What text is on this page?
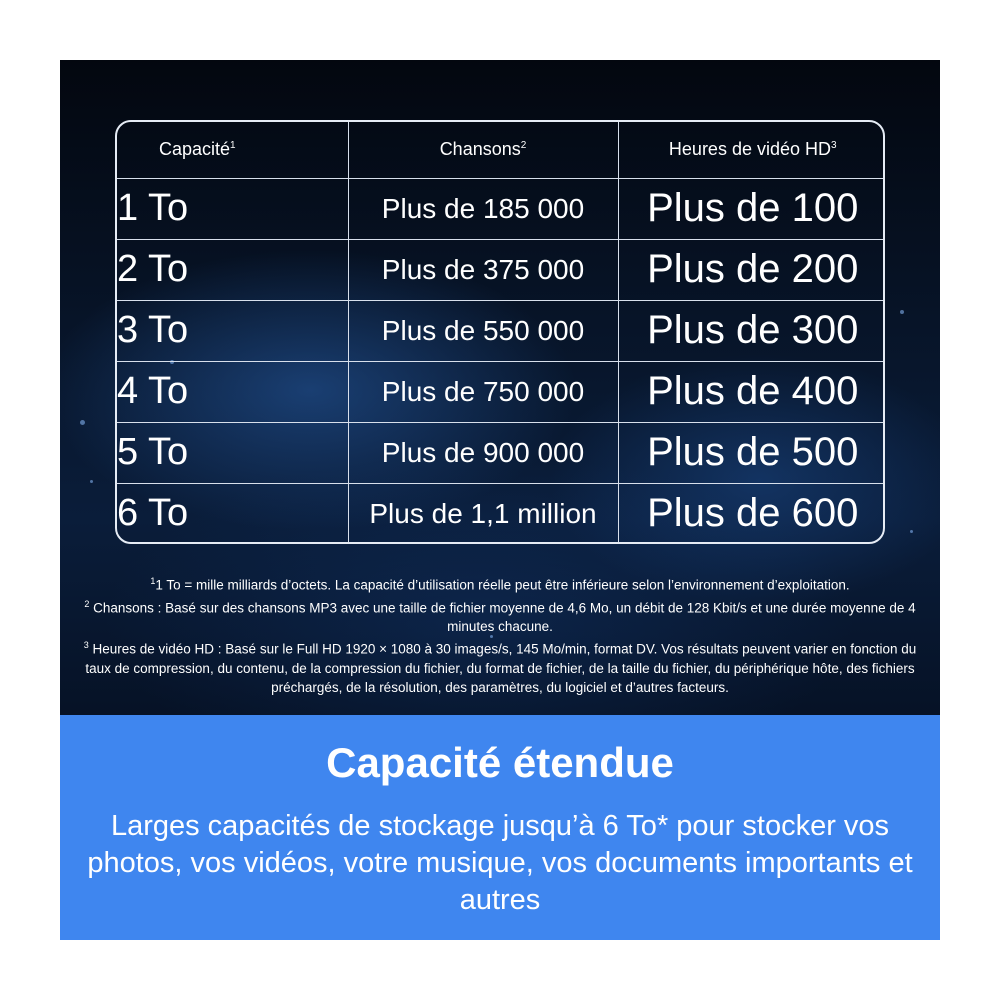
Capacité$^1$	Chansons$^2$	Heures de vidéo $HD^3$
1 To	Plus de 185 000	Plus de 100
2 To	Plus de 375 000	Plus de 200
3 To	Plus de 550 000	Plus de 300
4 To	Plus de 750 000	Plus de 400
5 To	Plus de 900 000	Plus de 500
6 To	Plus de 1,1 million	Plus de 600

$^1$1 To = mille milliards d’octets. La capacité d’utilisation réelle peut être inférieure selon l’environnement d’exploitation.

$^2$ Chansons : Basé sur des chansons MP3 avec une taille de fichier moyenne de 4,6 Mo, un débit de 128 Kbit/s et une durée moyenne de 4 minutes chacune.

$^3$ Heures de vidéo HD : Basé sur le Full HD 1920 × 1080 à 30 images/s, 145 Mo/min, format DV. Vos résultats peuvent varier en fonction du taux de compression, du contenu, de la compression du fichier, du format de fichier, de la taille du fichier, du périphérique hôte, des fichiers préchargés, de la résolution, des paramètres, du logiciel et d’autres facteurs.

Capacité étendue
Larges capacités de stockage jusqu’à 6 To* pour stocker vos photos, vos vidéos, votre musique, vos documents importants et autres
